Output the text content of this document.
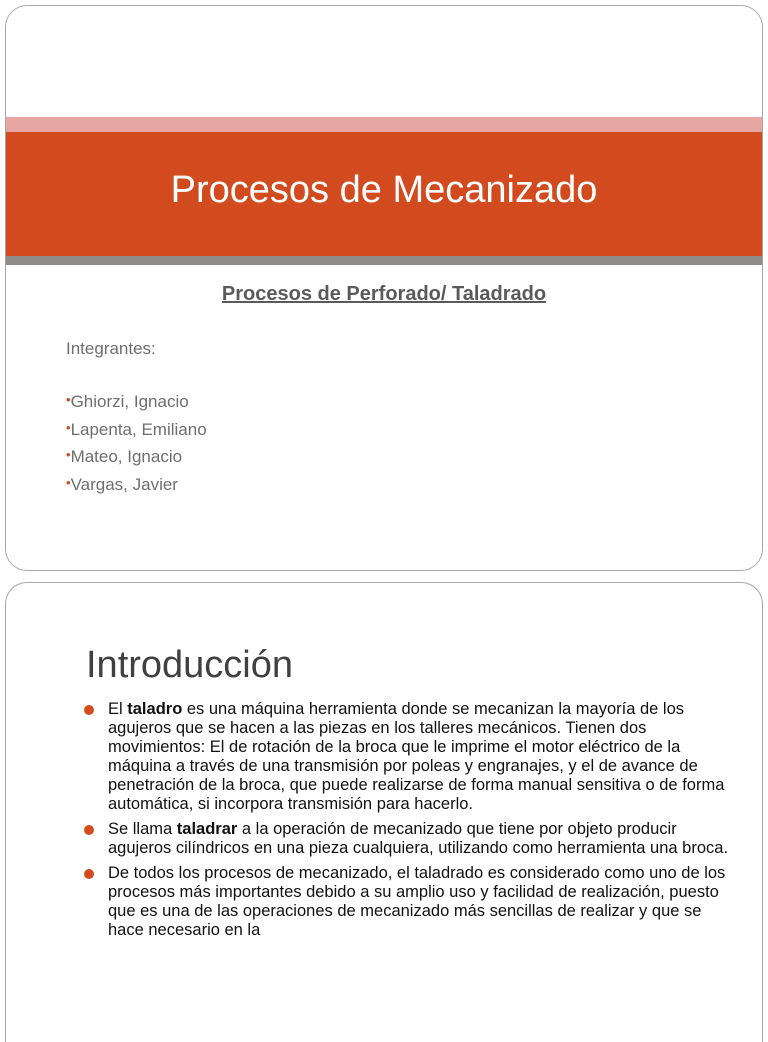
Procesos de Mecanizado
Procesos de Perforado/ Taladrado
Integrantes:
•Ghiorzi, Ignacio
•Lapenta, Emiliano
•Mateo, Ignacio
•Vargas, Javier
Introducción
El taladro es una máquina herramienta donde se mecanizan la mayoría de los agujeros que se hacen a las piezas en los talleres mecánicos. Tienen dos movimientos: El de rotación de la broca que le imprime el motor eléctrico de la máquina a través de una transmisión por poleas y engranajes, y el de avance de penetración de la broca, que puede realizarse de forma manual sensitiva o de forma automática, si incorpora transmisión para hacerlo.
Se llama taladrar a la operación de mecanizado que tiene por objeto producir agujeros cilíndricos en una pieza cualquiera, utilizando como herramienta una broca.
De todos los procesos de mecanizado, el taladrado es considerado como uno de los procesos más importantes debido a su amplio uso y facilidad de realización, puesto que es una de las operaciones de mecanizado más sencillas de realizar y que se hace necesario en la
